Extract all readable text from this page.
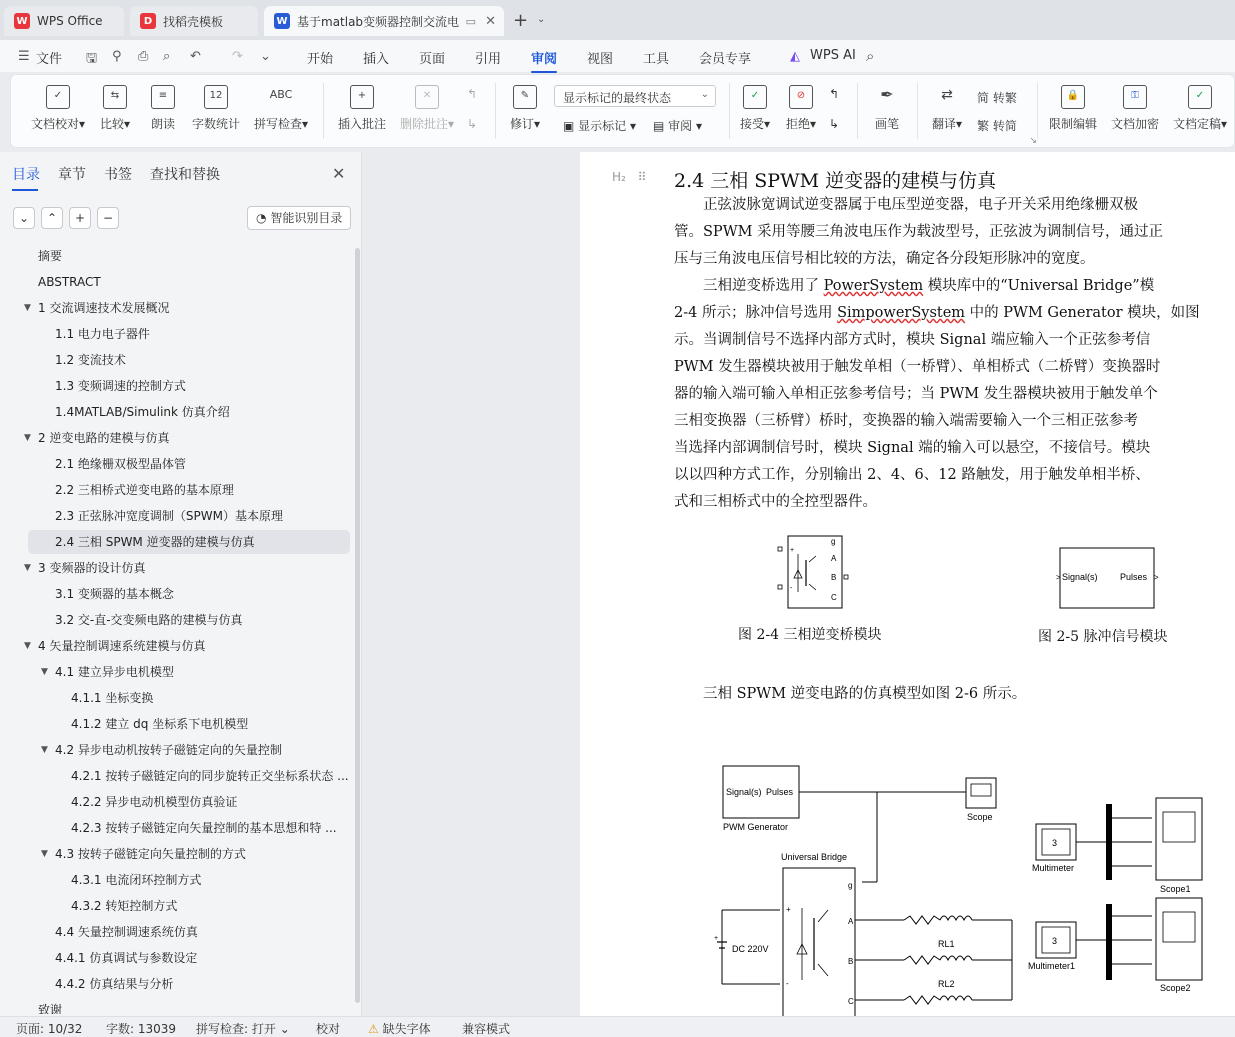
W WPS Office	D 找稻壳模板	W 基于matlab变频器控制交流电 ▭ ✕ + ⌄
☰ 文件 🖫 ⚲ ⎙ ⌕ ↶ ↷ ⌄	开始 插入 页面 引用 审阅 视图 工具 会员专享	◭ WPS AI ⌕
✓
文档校对▾
⇆
比较▾
≡
朗读
12
字数统计
ABC
拼写检查▾
+
插入批注
✕
删除批注▾
↰
↳
✎
修订▾
显示标记的最终状态	⌄
▣ 显示标记 ▾ ▤ 审阅 ▾
✓
接受▾
⊘
拒绝▾
↰
↳
✒
画笔
⇄
翻译▾
简 转繁
繁 转简
🔒
限制编辑
⚿
文档加密
✓
文档定稿▾
↘
目录 章节 书签 查找和替换	✕
⌄	⌃	+	−	◔ 智能识别目录
摘要
ABSTRACT
▼ 1 交流调速技术发展概况
1.1 电力电子器件
1.2 变流技术
1.3 变频调速的控制方式
1.4MATLAB/Simulink 仿真介绍
▼ 2 逆变电路的建模与仿真
2.1 绝缘栅双极型晶体管
2.2 三相桥式逆变电路的基本原理
2.3 正弦脉冲宽度调制（SPWM）基本原理
2.4 三相 SPWM 逆变器的建模与仿真
▼ 3 变频器的设计仿真
3.1 变频器的基本概念
3.2 交-直-交变频电路的建模与仿真
▼ 4 矢量控制调速系统建模与仿真
▼ 4.1 建立异步电机模型
4.1.1 坐标变换
4.1.2 建立 dq 坐标系下电机模型
▼ 4.2 异步电动机按转子磁链定向的矢量控制
4.2.1 按转子磁链定向的同步旋转正交坐标系状态 ...
4.2.2 异步电动机模型仿真验证
4.2.3 按转子磁链定向矢量控制的基本思想和特 ...
▼ 4.3 按转子磁链定向矢量控制的方式
4.3.1 电流闭环控制方式
4.3.2 转矩控制方式
4.4 矢量控制调速系统仿真
4.4.1 仿真调试与参数设定
4.4.2 仿真结果与分析
致谢
H₂ ⠿ 2.4 三相 SPWM 逆变器的建模与仿真
　　正弦波脉宽调试逆变器属于电压型逆变器，电子开关采用绝缘栅双极
管。SPWM 采用等腰三角波电压作为载波型号，正弦波为调制信号，通过正
压与三角波电压信号相比较的方法，确定各分段矩形脉冲的宽度。
　　三相逆变桥选用了 PowerSystem 模块库中的“Universal Bridge”模
2-4 所示；脉冲信号选用 SimpowerSystem 中的 PWM Generator 模块，如图
示。当调制信号不选择内部方式时，模块 Signal 端应输入一个正弦参考信
PWM 发生器模块被用于触发单相（一桥臂）、单相桥式（二桥臂）变换器时
器的输入端可输入单相正弦参考信号；当 PWM 发生器模块被用于触发单个
三相变换器（三桥臂）桥时，变换器的输入端需要输入一个三相正弦参考
当选择内部调制信号时，模块 Signal 端的输入可以悬空，不接信号。模块
以以四种方式工作，分别输出 2、4、6、12 路触发，用于触发单相半桥、
式和三相桥式中的全控型器件。
+
-
g
A
B
C
> Signal(s) Pulses >
图 2-4 三相逆变桥模块	图 2-5 脉冲信号模块
　　三相 SPWM 逆变电路的仿真模型如图 2-6 所示。
Signal(s) Pulses
PWM Generator
Scope
Universal Bridge
g
A
B
C
+
-
+
DC 220V	RL1
RL2
3
Multimeter
Scope1
3
Multimeter1
Scope2
页面: 10/32 字数: 13039 拼写检查: 打开 ⌄ 校对 ⚠ 缺失字体	兼容模式
